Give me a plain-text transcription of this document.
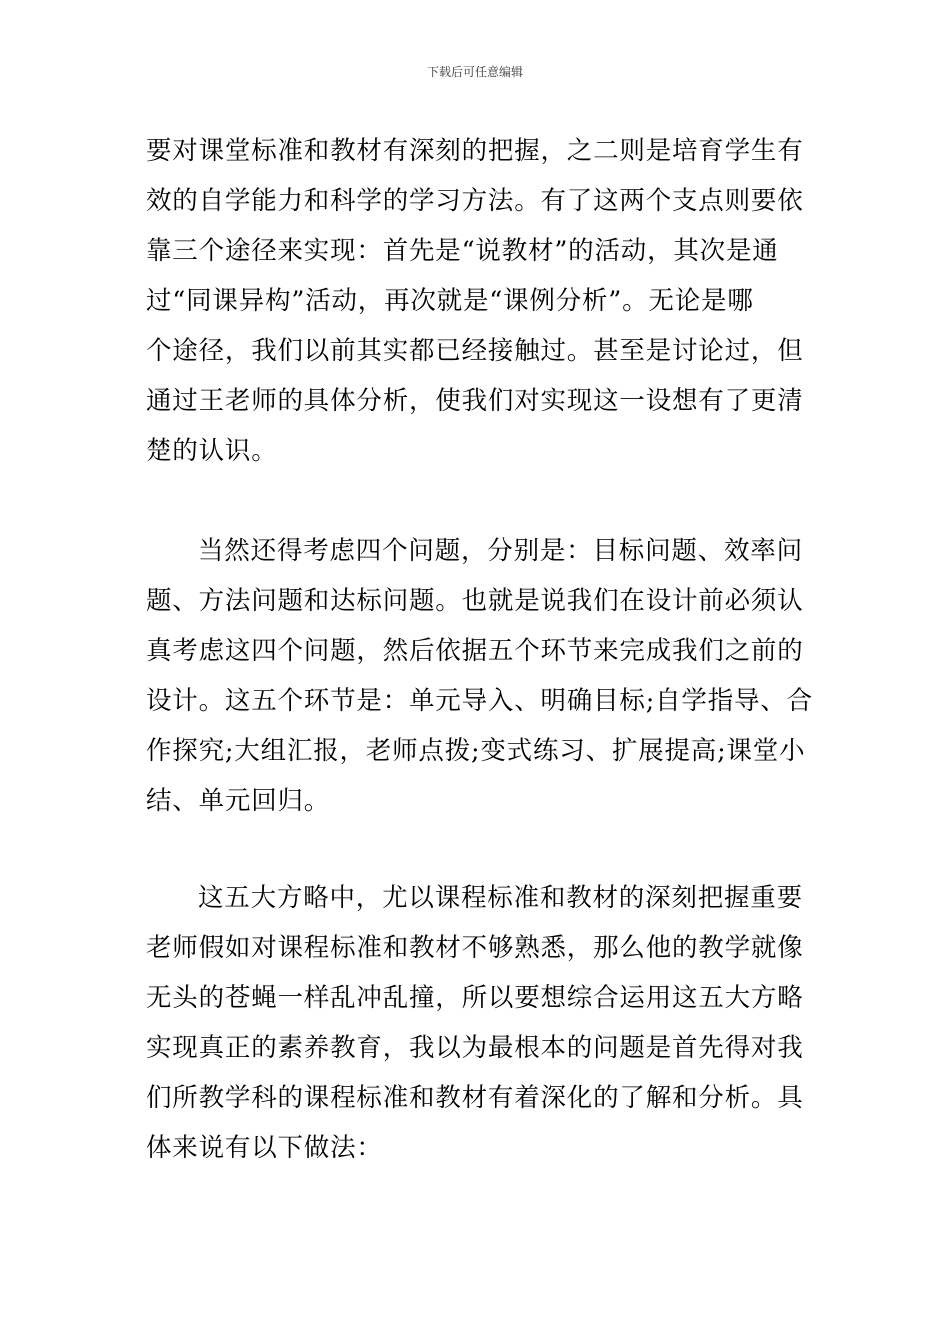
下载后可任意编辑
要对课堂标准和教材有深刻的把握，之二则是培育学生有
效的自学能力和科学的学习方法。有了这两个支点则要依
靠三个途径来实现：首先是“说教材”的活动，其次是通
过“同课异构”活动，再次就是“课例分析”。无论是哪
个途径，我们以前其实都已经接触过。甚至是讨论过，但
通过王老师的具体分析，使我们对实现这一设想有了更清
楚的认识。
当然还得考虑四个问题，分别是：目标问题、效率问
题、方法问题和达标问题。也就是说我们在设计前必须认
真考虑这四个问题，然后依据五个环节来完成我们之前的
设计。这五个环节是：单元导入、明确目标;自学指导、合
作探究;大组汇报，老师点拨;变式练习、扩展提高;课堂小
结、单元回归。
这五大方略中，尤以课程标准和教材的深刻把握重要
老师假如对课程标准和教材不够熟悉，那么他的教学就像
无头的苍蝇一样乱冲乱撞，所以要想综合运用这五大方略
实现真正的素养教育，我以为最根本的问题是首先得对我
们所教学科的课程标准和教材有着深化的了解和分析。具
体来说有以下做法：
